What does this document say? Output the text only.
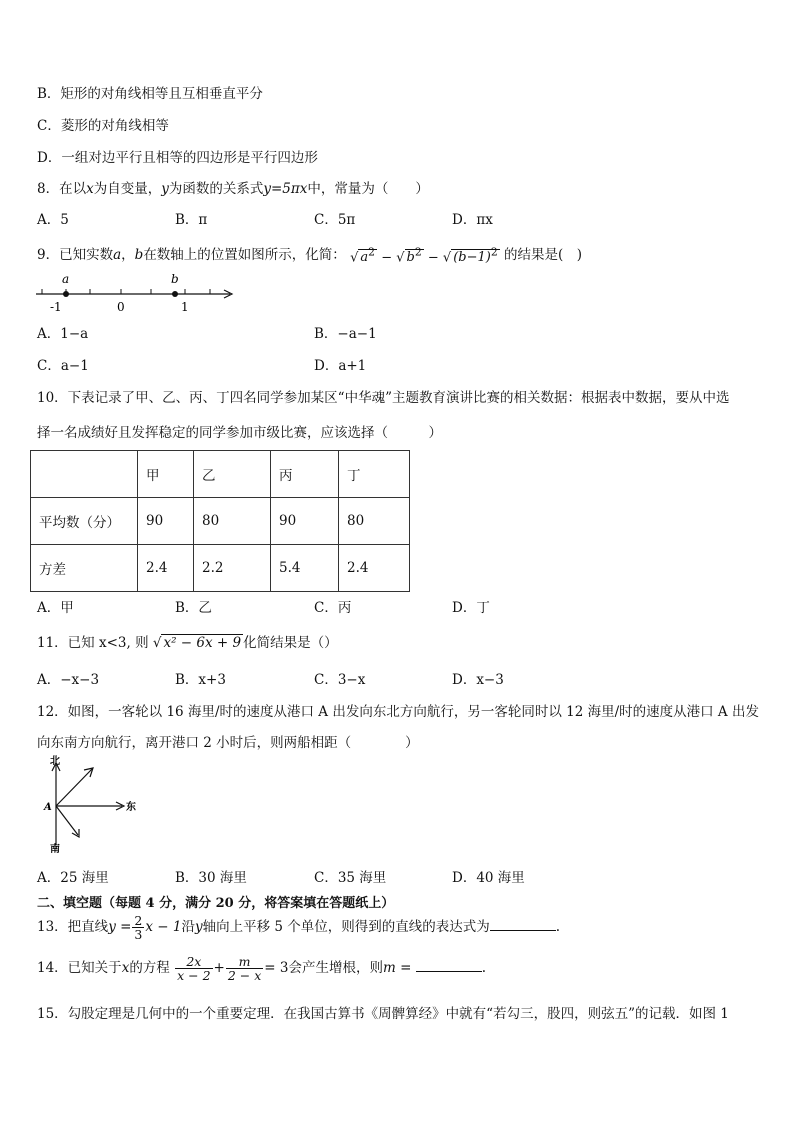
B．矩形的对角线相等且互相垂直平分
C．菱形的对角线相等
D．一组对边平行且相等的四边形是平行四边形
8．在以x为自变量，y为函数的关系式y=5πx中，常量为（　　）
A．5	B．π	C．5π	D．πx
9．已知实数a，b在数轴上的位置如图所示，化简： √ $a^2$ − √ $b^2$ − √ $(b-1)^2$ 的结果是(　)
a	b
-1	0	1
A．1−a	B．−a−1
C．a−1	D．a+1
10．下表记录了甲、乙、丙、丁四名同学参加某区“中华魂”主题教育演讲比赛的相关数据：根据表中数据，要从中选
择一名成绩好且发挥稳定的同学参加市级比赛，应该选择（　　　）
	甲	乙	丙	丁
平均数（分）	90	80	90	80
方差	2.4	2.2	5.4	2.4
A．甲	B．乙	C．丙	D．丁
11．已知 x<3, 则 √ x² − 6x + 9 化简结果是（）
A．−x−3	B．x+3	C．3−x	D．x−3
12．如图，一客轮以 16 海里/时的速度从港口 A 出发向东北方向航行，另一客轮同时以 12 海里/时的速度从港口 A 出发
向东南方向航行，离开港口 2 小时后，则两船相距（　　　　）
北
南
东
A
A．25 海里	B．30 海里	C．35 海里	D．40 海里
二、填空题（每题 4 分，满分 20 分，将答案填在答题纸上）
13．把直线$y = \frac{2}{3}$ x − 1沿y轴向上平移 5 个单位，则得到的直线的表达式为	.
14．已知关于x的方程 $\frac{2x}{x - 2} + \frac{m}{2 - x} = 3$会产生增根，则m =	.
15．勾股定理是几何中的一个重要定理．在我国古算书《周髀算经》中就有“若勾三，股四，则弦五”的记载．如图 1
